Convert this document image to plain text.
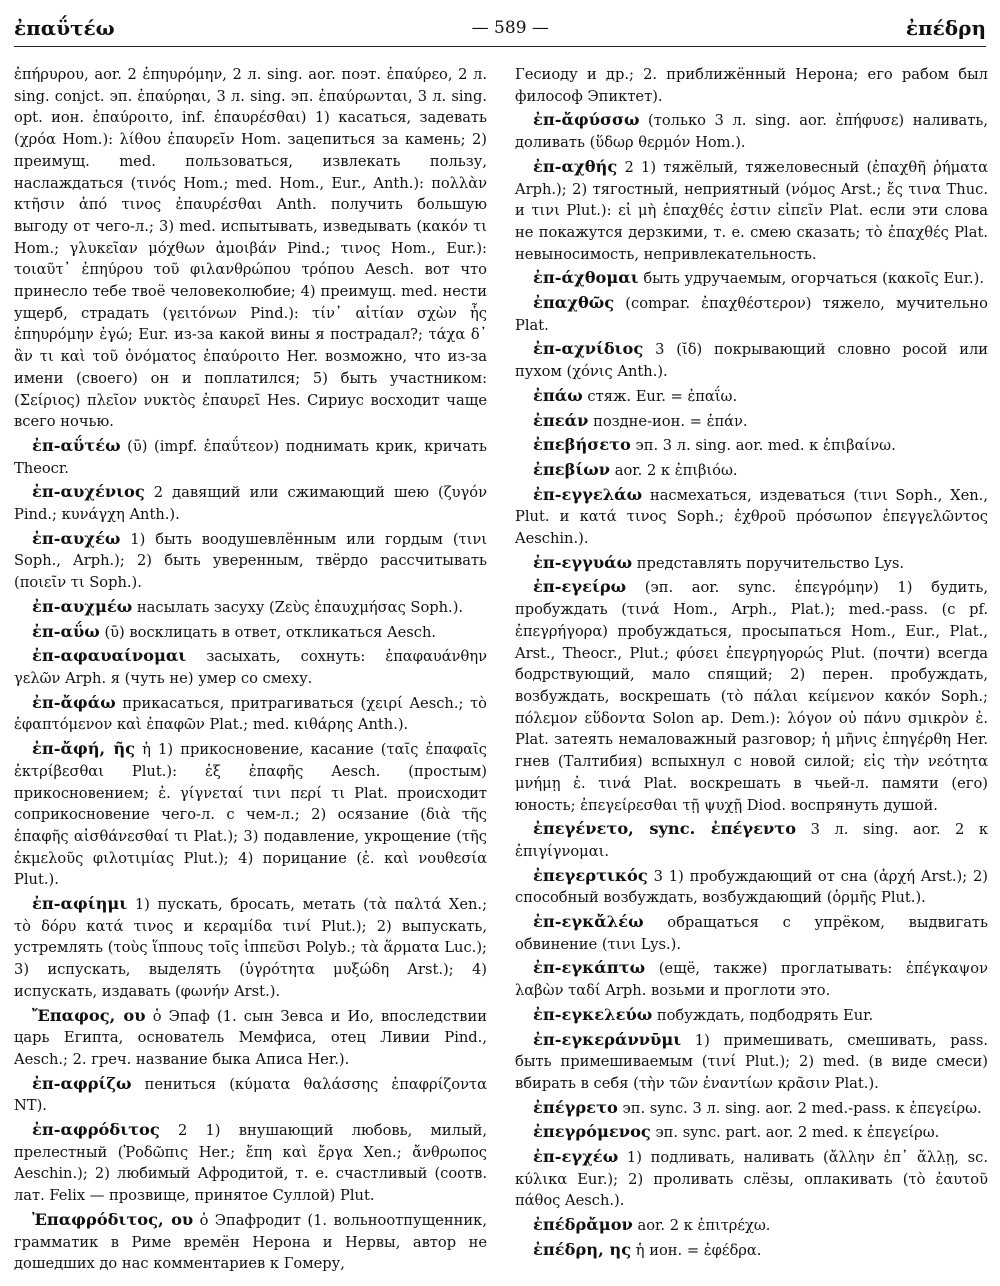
ἐπαΰτέω	— 589 —	ἐπέδρη

ἐπήρυρου, aor. 2 ἐπηυρόμην, 2 л. sing. aor. поэт. ἐπαύρεο, 2 л. sing. conjct. эп. ἐπαύρηαι, 3 л. sing. эп. ἐπαύρωνται, 3 л. sing. opt. ион. ἐπαύροιτο, inf. ἐπαυρέσθαι) 1) касаться, задевать (χρόα Hom.): λίθου ἐπαυρεῖν Hom. зацепиться за камень; 2) преимущ. med. пользоваться, извлекать пользу, наслаждаться (τινός Hom.; med. Hom., Eur., Anth.): πολλὰν κτῆσιν ἀπό τινος ἐπαυρέσθαι Anth. получить большую выгоду от чего-л.; 3) med. испытывать, изведывать (κακόν τι Hom.; γλυκεῖαν μόχθων ἀμοιβάν Pind.; τινος Hom., Eur.): τοιαῦτ᾽ ἐπηύρου τοῦ φιλανθρώπου τρόπου Aesch. вот что принесло тебе твоё человеколюбие; 4) преимущ. med. нести ущерб, страдать (γειτόνων Pind.): τίν᾽ αἰτίαν σχὼν ἧς ἐπηυρόμην ἐγώ; Eur. из-за какой вины я пострадал?; τάχα δ᾽ ἂν τι καὶ τοῦ ὀνόματος ἐπαύροιτο Her. возможно, что из-за имени (своего) он и поплатился; 5) быть участником: (Σείριος) πλεῖον νυκτὸς ἐπαυρεῖ Hes. Сириус восходит чаще всего ночью.

ἐπ-αΰτέω (ῡ) (impf. ἐπαΰτεον) поднимать крик, кричать Theocr.

ἐπ-αυχένιος 2 давящий или сжимающий шею (ζυγόν Pind.; κυνάγχη Anth.).

ἐπ-αυχέω 1) быть воодушевлённым или гордым (τινι Soph., Arph.); 2) быть уверенным, твёрдо рассчитывать (ποιεῖν τι Soph.).

ἐπ-αυχμέω насылать засуху (Ζεὺς ἐπαυχμήσας Soph.).

ἐπ-αΰω (ῡ) восклицать в ответ, откликаться Aesch.

ἐπ-αφαυαίνομαι засыхать, сохнуть: ἐπαφαυάνθην γελῶν Arph. я (чуть не) умер со смеху.

ἐπ-ἄφάω прикасаться, притрагиваться (χειρί Aesch.; τὸ ἐφαπτόμενον καὶ ἐπαφῶν Plat.; med. κιθάρης Anth.).

ἐπ-ἄφή, ῆς ἡ 1) прикосновение, касание (ταῖς ἐπαφαῖς ἐκτρίβεσθαι Plut.): ἐξ ἐπαφῆς Aesch. (простым) прикосновением; ἐ. γίγνεταί τινι περί τι Plat. происходит соприкосновение чего-л. с чем-л.; 2) осязание (διὰ τῆς ἐπαφῆς αἰσθάνεσθαί τι Plat.); 3) подавление, укрощение (τῆς ἐκμελοῦς φιλοτιμίας Plut.); 4) порицание (ἐ. καὶ νουθεσία Plut.).

ἐπ-αφίημι 1) пускать, бросать, метать (τὰ παλτά Xen.; τὸ δόρυ κατά τινος и κεραμίδα τινί Plut.); 2) выпускать, устремлять (τοὺς ἵππους τοῖς ἱππεῦσι Polyb.; τὰ ἅρματα Luc.); 3) испускать, выделять (ὑγρότητα μυξώδη Arst.); 4) испускать, издавать (φωνήν Arst.).

Ἔπαφος, ου ὁ Эпаф (1. сын Зевса и Ио, впоследствии царь Египта, основатель Мемфиса, отец Ливии Pind., Aesch.; 2. греч. название быка Аписа Her.).

ἐπ-αφρίζω пениться (κύματα θαλάσσης ἐπαφρίζοντα NT).

ἐπ-αφρόδιτος 2 1) внушающий любовь, милый, прелестный (Ῥοδῶπις Her.; ἔπη καὶ ἔργα Xen.; ἄνθρωπος Aeschin.); 2) любимый Афродитой, т. е. счастливый (соотв. лат. Felix — прозвище, принятое Суллой) Plut.

Ἐπαφρόδιτος, ου ὁ Эпафродит (1. вольноотпущенник, грамматик в Риме времён Нерона и Нервы, автор не дошедших до нас комментариев к Гомеру,

Гесиоду и др.; 2. приближённый Нерона; его рабом был философ Эпиктет).

ἐπ-ἄφύσσω (только 3 л. sing. aor. ἐπήφυσε) наливать, доливать (ὕδωρ θερμόν Hom.).

ἐπ-αχθής 2 1) тяжёлый, тяжеловесный (ἐπαχθῆ ῥήματα Arph.); 2) тягостный, неприятный (νόμος Arst.; ἔς τινα Thuc. и τινι Plut.): εἰ μὴ ἐπαχθές ἐστιν εἰπεῖν Plat. если эти слова не покажутся дерзкими, т. е. смею сказать; τὸ ἐπαχθές Plat. невыносимость, непривлекательность.

ἐπ-άχθομαι быть удручаемым, огорчаться (κακοῖς Eur.).

ἐπαχθῶς (compar. ἐπαχθέστερον) тяжело, мучительно Plat.

ἐπ-αχνίδιος 3 (ῐδ) покрывающий словно росой или пухом (χόνις Anth.).

ἐπάω стяж. Eur. = ἐπαΐω.

ἐπεάν поздне-ион. = ἐπάν.

ἐπεβήσετο эп. 3 л. sing. aor. med. к ἐπιβαίνω.

ἐπεβίων aor. 2 к ἐπιβιόω.

ἐπ-εγγελάω насмехаться, издеваться (τινι Soph., Xen., Plut. и κατά τινος Soph.; ἐχθροῦ πρόσωπον ἐπεγγελῶντος Aeschin.).

ἐπ-εγγυάω представлять поручительство Lys.

ἐπ-εγείρω (эп. aor. sync. ἐπεγρόμην) 1) будить, пробуждать (τινά Hom., Arph., Plat.); med.-pass. (с pf. ἐπεγρήγορα) пробуждаться, просыпаться Hom., Eur., Plat., Arst., Theocr., Plut.; φύσει ἐπεγρηγορώς Plut. (почти) всегда бодрствующий, мало спящий; 2) перен. пробуждать, возбуждать, воскрешать (τὸ πάλαι κείμενον κακόν Soph.; πόλεμον εὕδοντα Solon ap. Dem.): λόγον οὐ πάνυ σμικρὸν ἐ. Plat. затеять немаловажный разговор; ἡ μῆνις ἐπηγέρθη Her. гнев (Талтибия) вспыхнул с новой силой; εἰς τὴν νεότητα μνήμῃ ἐ. τινά Plat. воскрешать в чьей-л. памяти (его) юность; ἐπεγείρεσθαι τῇ ψυχῇ Diod. воспрянуть душой.

ἐπεγένετο, sync. ἐπέγεντο 3 л. sing. aor. 2 к ἐπιγίγνομαι.

ἐπεγερτικός 3 1) пробуждающий от сна (ἀρχή Arst.); 2) способный возбуждать, возбуждающий (ὁρμῆς Plut.).

ἐπ-εγκἄλέω обращаться с упрёком, выдвигать обвинение (τινι Lys.).

ἐπ-εγκάπτω (ещё, также) проглатывать: ἐπέγκαψον λαβὼν ταδί Arph. возьми и проглоти это.

ἐπ-εγκελεύω побуждать, подбодрять Eur.

ἐπ-εγκεράννῡμι 1) примешивать, смешивать, pass. быть примешиваемым (τινί Plut.); 2) med. (в виде смеси) вбирать в себя (τὴν τῶν ἐναντίων κρᾶσιν Plat.).

ἐπέγρετο эп. sync. 3 л. sing. aor. 2 med.-pass. к ἐπεγείρω.

ἐπεγρόμενος эп. sync. part. aor. 2 med. к ἐπεγείρω.

ἐπ-εγχέω 1) подливать, наливать (ἄλλην ἐπ᾽ ἄλλῃ, sc. κύλικα Eur.); 2) проливать слёзы, оплакивать (τὸ ἑαυτοῦ πάθος Aesch.).

ἐπέδρἄμον aor. 2 к ἐπιτρέχω.

ἐπέδρη, ης ἡ ион. = ἐφέδρα.
